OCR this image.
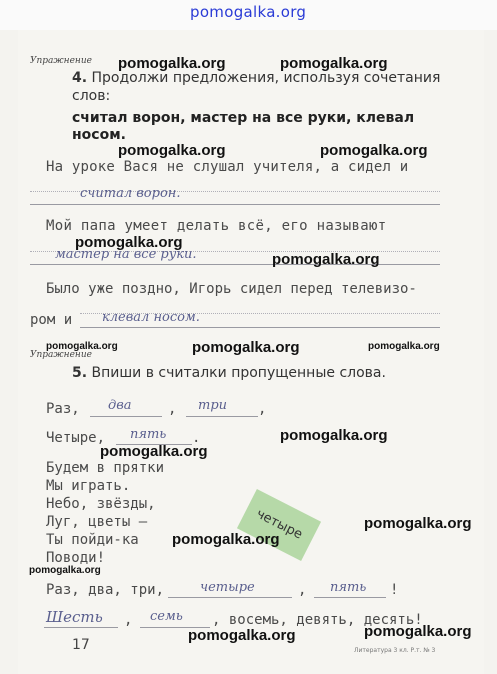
pomogalka.org
Упражнение
4. Продолжи предложения, используя сочетания
слов:
считал ворон, мастер на все руки, клевал
носом.
На уроке Вася не слушал учителя, а сидел и
считал ворон.
Мой папа умеет делать всё, его называют
мастер на все руки.
Было уже поздно, Игорь сидел перед телевизо-
ром и клевал носом.
Упражнение
5. Впиши в считалки пропущенные слова.
Раз, два	, три ,
Четыре, пять .
Будем в прятки
Мы играть.
Небо, звёзды,
Луг, цветы —
Ты пойди-ка
Поводи!
четыре
Раз, два, три,	четыре	, пять !
Шесть , семь , восемь, девять, десять!
17	Литература 3 кл. Р.т. № 3
pomogalka.org	pomogalka.org
pomogalka.org	pomogalka.org
pomogalka.org
pomogalka.org
pomogalka.org	pomogalka.org	pomogalka.org
pomogalka.org
pomogalka.org
pomogalka.org
pomogalka.org
pomogalka.org
pomogalka.org	pomogalka.org
